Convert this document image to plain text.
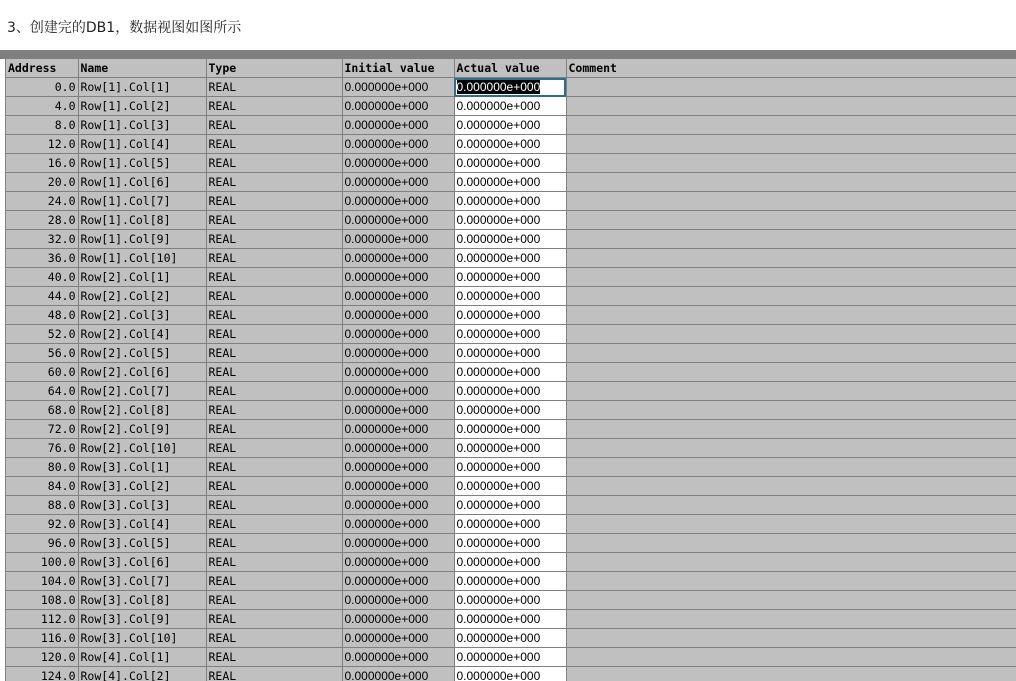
3、创建完的DB1，数据视图如图所示
Address	Name	Type	Initial value	Actual value	Comment
0.0	Row[1].Col[1]	REAL	0.000000e+000	0.000000e+000	
4.0	Row[1].Col[2]	REAL	0.000000e+000	0.000000e+000	
8.0	Row[1].Col[3]	REAL	0.000000e+000	0.000000e+000	
12.0	Row[1].Col[4]	REAL	0.000000e+000	0.000000e+000	
16.0	Row[1].Col[5]	REAL	0.000000e+000	0.000000e+000	
20.0	Row[1].Col[6]	REAL	0.000000e+000	0.000000e+000	
24.0	Row[1].Col[7]	REAL	0.000000e+000	0.000000e+000	
28.0	Row[1].Col[8]	REAL	0.000000e+000	0.000000e+000	
32.0	Row[1].Col[9]	REAL	0.000000e+000	0.000000e+000	
36.0	Row[1].Col[10]	REAL	0.000000e+000	0.000000e+000	
40.0	Row[2].Col[1]	REAL	0.000000e+000	0.000000e+000	
44.0	Row[2].Col[2]	REAL	0.000000e+000	0.000000e+000	
48.0	Row[2].Col[3]	REAL	0.000000e+000	0.000000e+000	
52.0	Row[2].Col[4]	REAL	0.000000e+000	0.000000e+000	
56.0	Row[2].Col[5]	REAL	0.000000e+000	0.000000e+000	
60.0	Row[2].Col[6]	REAL	0.000000e+000	0.000000e+000	
64.0	Row[2].Col[7]	REAL	0.000000e+000	0.000000e+000	
68.0	Row[2].Col[8]	REAL	0.000000e+000	0.000000e+000	
72.0	Row[2].Col[9]	REAL	0.000000e+000	0.000000e+000	
76.0	Row[2].Col[10]	REAL	0.000000e+000	0.000000e+000	
80.0	Row[3].Col[1]	REAL	0.000000e+000	0.000000e+000	
84.0	Row[3].Col[2]	REAL	0.000000e+000	0.000000e+000	
88.0	Row[3].Col[3]	REAL	0.000000e+000	0.000000e+000	
92.0	Row[3].Col[4]	REAL	0.000000e+000	0.000000e+000	
96.0	Row[3].Col[5]	REAL	0.000000e+000	0.000000e+000	
100.0	Row[3].Col[6]	REAL	0.000000e+000	0.000000e+000	
104.0	Row[3].Col[7]	REAL	0.000000e+000	0.000000e+000	
108.0	Row[3].Col[8]	REAL	0.000000e+000	0.000000e+000	
112.0	Row[3].Col[9]	REAL	0.000000e+000	0.000000e+000	
116.0	Row[3].Col[10]	REAL	0.000000e+000	0.000000e+000	
120.0	Row[4].Col[1]	REAL	0.000000e+000	0.000000e+000	
124.0	Row[4].Col[2]	REAL	0.000000e+000	0.000000e+000	
